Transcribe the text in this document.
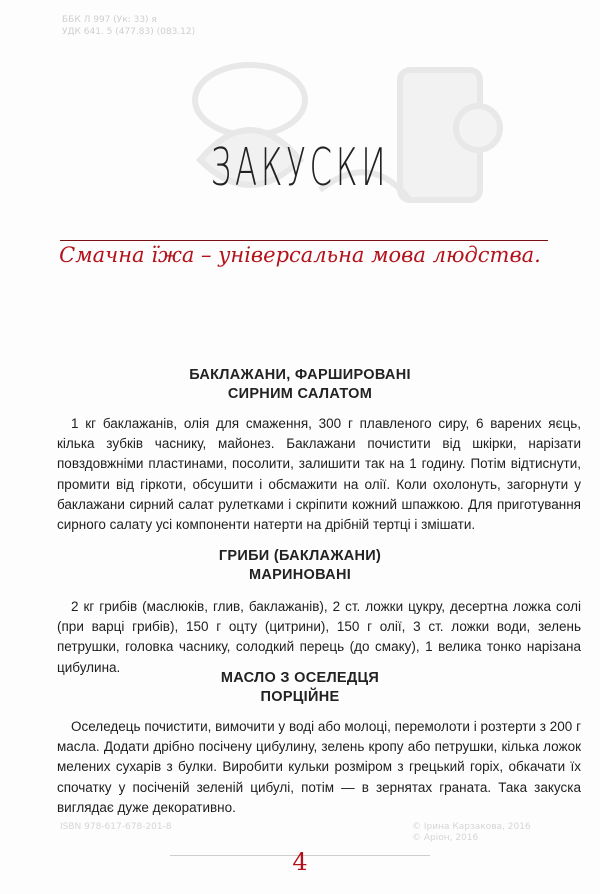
ББК Л 997 (Ук: 33) я
УДК 641. 5 (477.83) (083.12)
ЗАКУСКИ
Смачна їжа – універсальна мова людства.
БАКЛАЖАНИ, ФАРШИРОВАНІ
СИРНИМ САЛАТОМ
1 кг баклажанів, олія для смаження, 300 г плавленого сиру, 6 варених яєць, кілька зубків часнику, майонез. Баклажани почистити від шкірки, нарізати повздовжніми пластинами, посолити, залишити так на 1 годину. Потім відтиснути, промити від гіркоти, обсушити і обсмажити на олії. Коли охолонуть, загорнути у баклажани сирний салат рулетками і скріпити кожний шпажкою. Для приготування сирного салату усі компоненти натерти на дрібній тертці і змішати.
ГРИБИ (БАКЛАЖАНИ)
МАРИНОВАНІ
2 кг грибів (маслюків, глив, баклажанів), 2 ст. ложки цукру, десертна ложка солі (при варці грибів), 150 г оцту (цитрини), 150 г олії, 3 ст. ложки води, зелень петрушки, головка часнику, солодкий перець (до смаку), 1 велика тонко нарізана цибулина.
МАСЛО З ОСЕЛЕДЦЯ
ПОРЦІЙНЕ
Оселедець почистити, вимочити у воді або молоці, перемолоти і розтерти з 200 г масла. Додати дрібно посічену цибулину, зелень кропу або петрушки, кілька ложок мелених сухарів з булки. Виробити кульки розміром з грецький горіх, обкачати їх спочатку у посіченій зеленій цибулі, потім — в зернятах граната. Така закуска виглядає дуже декоративно.
ISBN 978-617-678-201-8	© Ірина Карзакова, 2016
© Аріон, 2016
4
